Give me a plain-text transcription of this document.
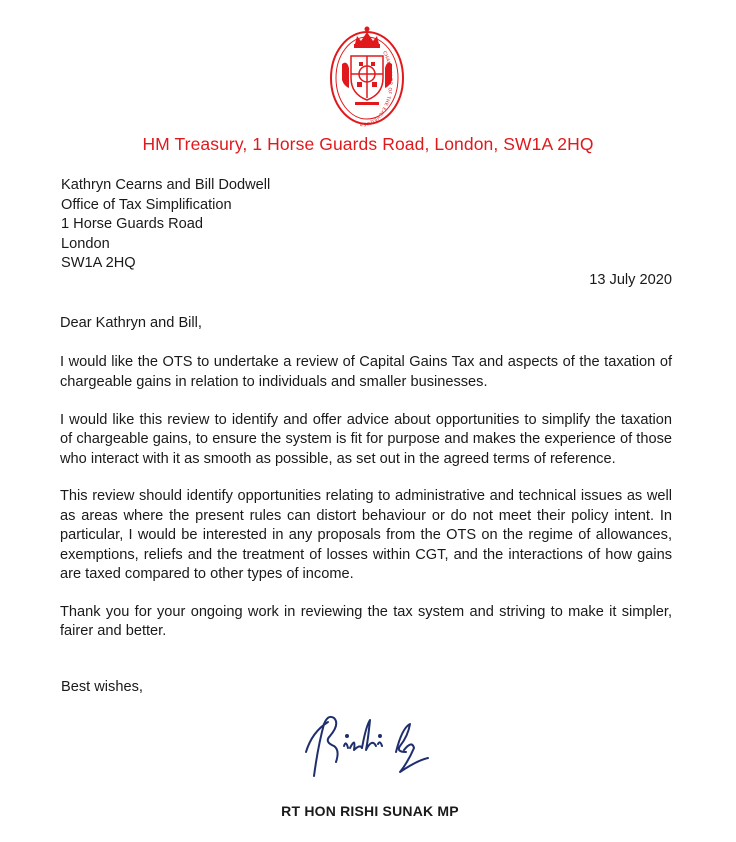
CHANCELLOR OF THE EXCHEQUER
HM Treasury, 1 Horse Guards Road, London, SW1A 2HQ
Kathryn Cearns and Bill Dodwell
Office of Tax Simplification
1 Horse Guards Road
London
SW1A 2HQ
13 July 2020

Dear Kathryn and Bill,

I would like the OTS to undertake a review of Capital Gains Tax and aspects of the taxation of chargeable gains in relation to individuals and smaller businesses.

I would like this review to identify and offer advice about opportunities to simplify the taxation of chargeable gains, to ensure the system is fit for purpose and makes the experience of those who interact with it as smooth as possible, as set out in the agreed terms of reference.

This review should identify opportunities relating to administrative and technical issues as well as areas where the present rules can distort behaviour or do not meet their policy intent. In particular, I would be interested in any proposals from the OTS on the regime of allowances, exemptions, reliefs and the treatment of losses within CGT, and the interactions of how gains are taxed compared to other types of income.

Thank you for your ongoing work in reviewing the tax system and striving to make it simpler, fairer and better.

Best wishes,
RT HON RISHI SUNAK MP
